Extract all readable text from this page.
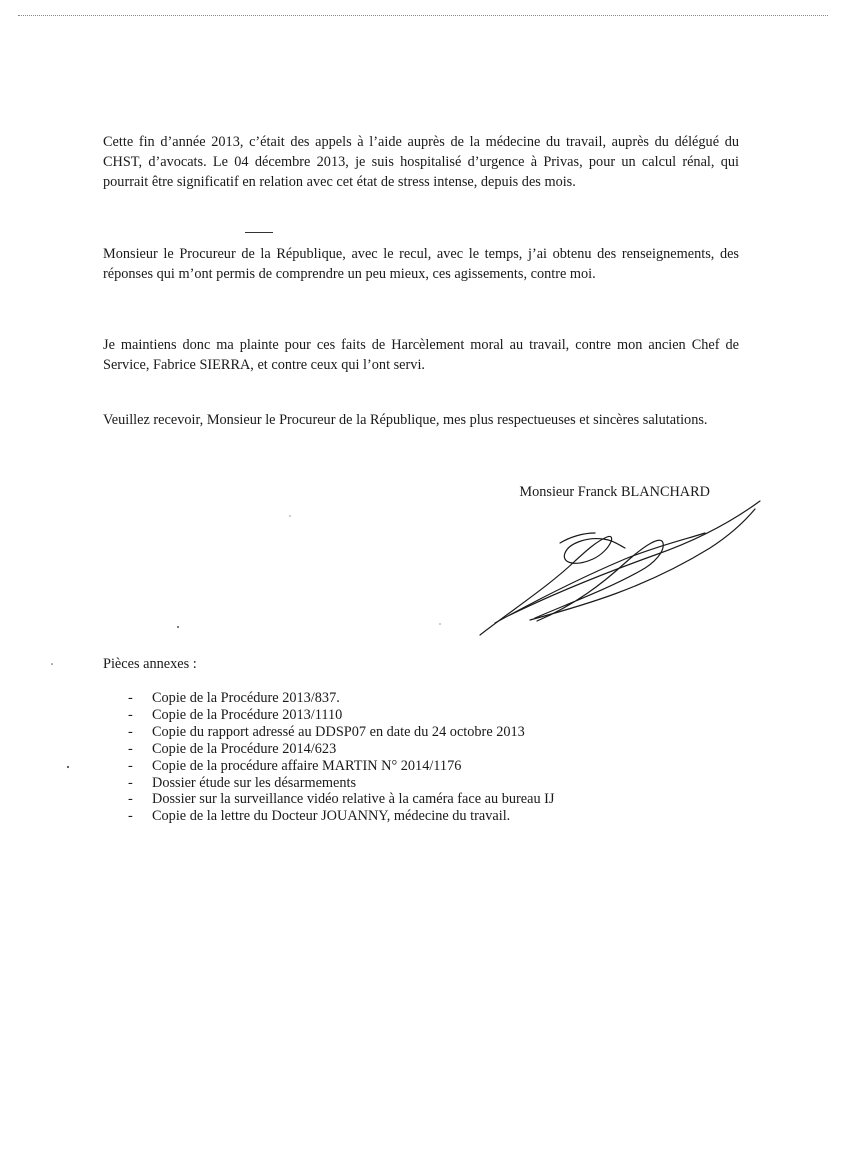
Cette fin d’année 2013, c’était des appels à l’aide auprès de la médecine du travail, auprès du délégué du CHST, d’avocats. Le 04 décembre 2013, je suis hospitalisé d’urgence à Privas, pour un calcul rénal, qui pourrait être significatif en relation avec cet état de stress intense, depuis des mois.

Monsieur le Procureur de la République, avec le recul, avec le temps, j’ai obtenu des renseignements, des réponses qui m’ont permis de comprendre un peu mieux, ces agissements, contre moi.

Je maintiens donc ma plainte pour ces faits de Harcèlement moral au travail, contre mon ancien Chef de Service, Fabrice SIERRA, et contre ceux qui l’ont servi.

Veuillez recevoir, Monsieur le Procureur de la République, mes plus respectueuses et sincères salutations.

Monsieur Franck BLANCHARD
Pièces annexes :
- Copie de la Procédure 2013/837.
- Copie de la Procédure 2013/1110
- Copie du rapport adressé au DDSP07 en date du 24 octobre 2013
- Copie de la Procédure 2014/623
- Copie de la procédure affaire MARTIN N° 2014/1176
- Dossier étude sur les désarmements
- Dossier sur la surveillance vidéo relative à la caméra face au bureau IJ
- Copie de la lettre du Docteur JOUANNY, médecine du travail.
